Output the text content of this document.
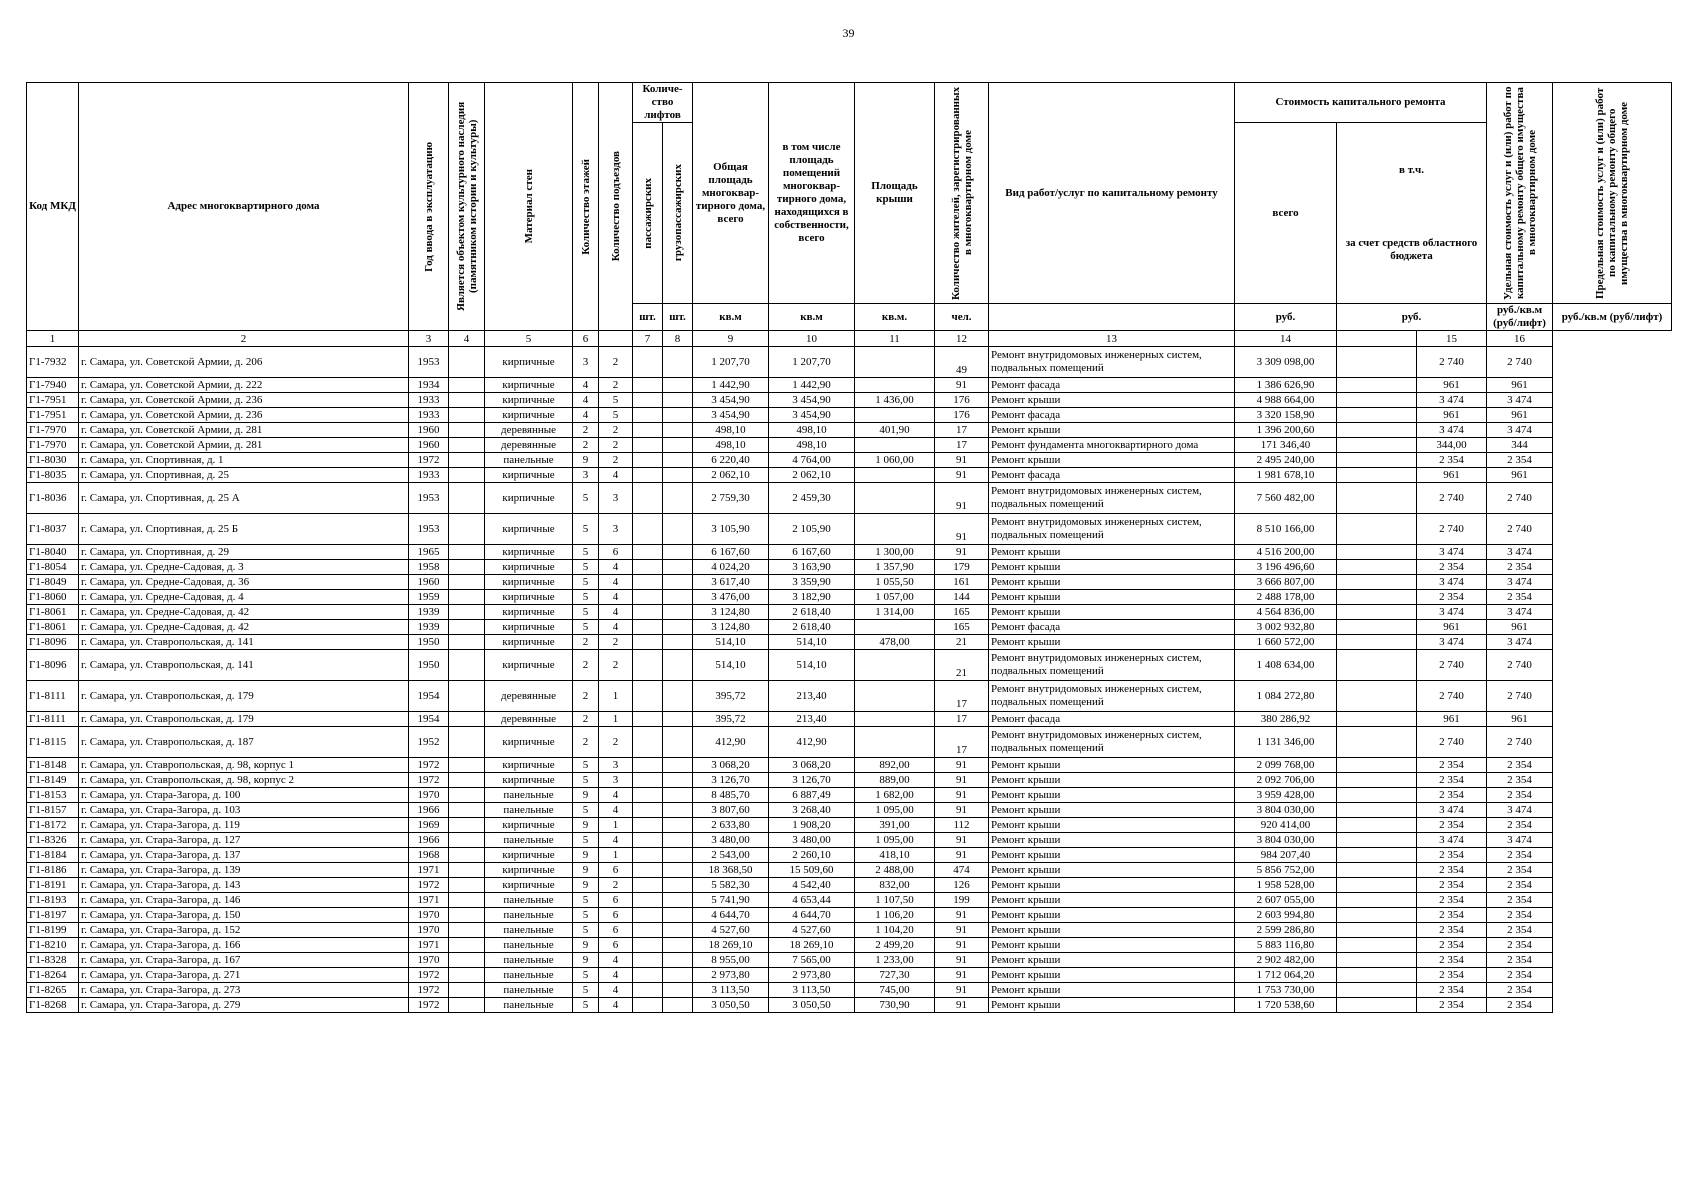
39
Код МКД	Адрес многоквартирного дома	Год ввода в эксплуатацию	Является объектом культурного наследия (памятником истории и культуры)	Материал стен	Количество этажей	Количество подъездов	Количе-ство лифтов		Общая площадь многоквар-тирного дома, всего	в том числе площадь помещений многоквар-тирного дома, находящихся в собственности, всего	Площадь крыши	Количество жителей, зарегистрированных в многоквартирном доме	Вид работ/услуг по капитальному ремонту	Стоимость капитального ремонта			Удельная стоимость услуг и (или) работ по капитальному ремонту общего имущества в многоквартирном доме	Предельная стоимость услуг и (или) работ по капитальному ремонту общего имущества в многоквартирном доме

							пассажирских	грузопассажирских						всего	в т.ч.
за счет средств областного бюджета			

							шт.	шт.	кв.м	кв.м	кв.м.	чел.		руб.	руб.		руб./кв.м (руб/лифт)	руб./кв.м (руб/лифт)
1	2	3	4	5	6		7	8	9	10	11	12	13	14		15	16	
Г1-7932	г. Самара, ул. Советской Армии, д. 206	1953		кирпичные	3	2			1 207,70	1 207,70		49	Ремонт внутридомовых инженерных систем, подвальных помещений	3 309 098,00		2 740	2 740	
Г1-7940	г. Самара, ул. Советской Армии, д. 222	1934		кирпичные	4	2			1 442,90	1 442,90		91	Ремонт фасада	1 386 626,90		961	961	
Г1-7951	г. Самара, ул. Советской Армии, д. 236	1933		кирпичные	4	5			3 454,90	3 454,90	1 436,00	176	Ремонт крыши	4 988 664,00		3 474	3 474	
Г1-7951	г. Самара, ул. Советской Армии, д. 236	1933		кирпичные	4	5			3 454,90	3 454,90		176	Ремонт фасада	3 320 158,90		961	961	
Г1-7970	г. Самара, ул. Советской Армии, д. 281	1960		деревянные	2	2			498,10	498,10	401,90	17	Ремонт крыши	1 396 200,60		3 474	3 474	
Г1-7970	г. Самара, ул. Советской Армии, д. 281	1960		деревянные	2	2			498,10	498,10		17	Ремонт фундамента многоквартирного дома	171 346,40		344,00	344	
Г1-8030	г. Самара, ул. Спортивная, д. 1	1972		панельные	9	2			6 220,40	4 764,00	1 060,00	91	Ремонт крыши	2 495 240,00		2 354	2 354	
Г1-8035	г. Самара, ул. Спортивная, д. 25	1933		кирпичные	3	4			2 062,10	2 062,10		91	Ремонт фасада	1 981 678,10		961	961	
Г1-8036	г. Самара, ул. Спортивная, д. 25 А	1953		кирпичные	5	3			2 759,30	2 459,30		91	Ремонт внутридомовых инженерных систем, подвальных помещений	7 560 482,00		2 740	2 740	
Г1-8037	г. Самара, ул. Спортивная, д. 25 Б	1953		кирпичные	5	3			3 105,90	2 105,90		91	Ремонт внутридомовых инженерных систем, подвальных помещений	8 510 166,00		2 740	2 740	
Г1-8040	г. Самара, ул. Спортивная, д. 29	1965		кирпичные	5	6			6 167,60	6 167,60	1 300,00	91	Ремонт крыши	4 516 200,00		3 474	3 474	
Г1-8054	г. Самара, ул. Средне-Садовая, д. 3	1958		кирпичные	5	4			4 024,20	3 163,90	1 357,90	179	Ремонт крыши	3 196 496,60		2 354	2 354	
Г1-8049	г. Самара, ул. Средне-Садовая, д. 36	1960		кирпичные	5	4			3 617,40	3 359,90	1 055,50	161	Ремонт крыши	3 666 807,00		3 474	3 474	
Г1-8060	г. Самара, ул. Средне-Садовая, д. 4	1959		кирпичные	5	4			3 476,00	3 182,90	1 057,00	144	Ремонт крыши	2 488 178,00		2 354	2 354	
Г1-8061	г. Самара, ул. Средне-Садовая, д. 42	1939		кирпичные	5	4			3 124,80	2 618,40	1 314,00	165	Ремонт крыши	4 564 836,00		3 474	3 474	
Г1-8061	г. Самара, ул. Средне-Садовая, д. 42	1939		кирпичные	5	4			3 124,80	2 618,40		165	Ремонт фасада	3 002 932,80		961	961	
Г1-8096	г. Самара, ул. Ставропольская, д. 141	1950		кирпичные	2	2			514,10	514,10	478,00	21	Ремонт крыши	1 660 572,00		3 474	3 474	
Г1-8096	г. Самара, ул. Ставропольская, д. 141	1950		кирпичные	2	2			514,10	514,10		21	Ремонт внутридомовых инженерных систем, подвальных помещений	1 408 634,00		2 740	2 740	
Г1-8111	г. Самара, ул. Ставропольская, д. 179	1954		деревянные	2	1			395,72	213,40		17	Ремонт внутридомовых инженерных систем, подвальных помещений	1 084 272,80		2 740	2 740	
Г1-8111	г. Самара, ул. Ставропольская, д. 179	1954		деревянные	2	1			395,72	213,40		17	Ремонт фасада	380 286,92		961	961	
Г1-8115	г. Самара, ул. Ставропольская, д. 187	1952		кирпичные	2	2			412,90	412,90		17	Ремонт внутридомовых инженерных систем, подвальных помещений	1 131 346,00		2 740	2 740	
Г1-8148	г. Самара, ул. Ставропольская, д. 98, корпус 1	1972		кирпичные	5	3			3 068,20	3 068,20	892,00	91	Ремонт крыши	2 099 768,00		2 354	2 354	
Г1-8149	г. Самара, ул. Ставропольская, д. 98, корпус 2	1972		кирпичные	5	3			3 126,70	3 126,70	889,00	91	Ремонт крыши	2 092 706,00		2 354	2 354	
Г1-8153	г. Самара, ул. Стара-Загора, д. 100	1970		панельные	9	4			8 485,70	6 887,49	1 682,00	91	Ремонт крыши	3 959 428,00		2 354	2 354	
Г1-8157	г. Самара, ул. Стара-Загора, д. 103	1966		панельные	5	4			3 807,60	3 268,40	1 095,00	91	Ремонт крыши	3 804 030,00		3 474	3 474	
Г1-8172	г. Самара, ул. Стара-Загора, д. 119	1969		кирпичные	9	1			2 633,80	1 908,20	391,00	112	Ремонт крыши	920 414,00		2 354	2 354	
Г1-8326	г. Самара, ул. Стара-Загора, д. 127	1966		панельные	5	4			3 480,00	3 480,00	1 095,00	91	Ремонт крыши	3 804 030,00		3 474	3 474	
Г1-8184	г. Самара, ул. Стара-Загора, д. 137	1968		кирпичные	9	1			2 543,00	2 260,10	418,10	91	Ремонт крыши	984 207,40		2 354	2 354	
Г1-8186	г. Самара, ул. Стара-Загора, д. 139	1971		кирпичные	9	6			18 368,50	15 509,60	2 488,00	474	Ремонт крыши	5 856 752,00		2 354	2 354	
Г1-8191	г. Самара, ул. Стара-Загора, д. 143	1972		кирпичные	9	2			5 582,30	4 542,40	832,00	126	Ремонт крыши	1 958 528,00		2 354	2 354	
Г1-8193	г. Самара, ул. Стара-Загора, д. 146	1971		панельные	5	6			5 741,90	4 653,44	1 107,50	199	Ремонт крыши	2 607 055,00		2 354	2 354	
Г1-8197	г. Самара, ул. Стара-Загора, д. 150	1970		панельные	5	6			4 644,70	4 644,70	1 106,20	91	Ремонт крыши	2 603 994,80		2 354	2 354	
Г1-8199	г. Самара, ул. Стара-Загора, д. 152	1970		панельные	5	6			4 527,60	4 527,60	1 104,20	91	Ремонт крыши	2 599 286,80		2 354	2 354	
Г1-8210	г. Самара, ул. Стара-Загора, д. 166	1971		панельные	9	6			18 269,10	18 269,10	2 499,20	91	Ремонт крыши	5 883 116,80		2 354	2 354	
Г1-8328	г. Самара, ул. Стара-Загора, д. 167	1970		панельные	9	4			8 955,00	7 565,00	1 233,00	91	Ремонт крыши	2 902 482,00		2 354	2 354	
Г1-8264	г. Самара, ул. Стара-Загора, д. 271	1972		панельные	5	4			2 973,80	2 973,80	727,30	91	Ремонт крыши	1 712 064,20		2 354	2 354	
Г1-8265	г. Самара, ул. Стара-Загора, д. 273	1972		панельные	5	4			3 113,50	3 113,50	745,00	91	Ремонт крыши	1 753 730,00		2 354	2 354	
Г1-8268	г. Самара, ул. Стара-Загора, д. 279	1972		панельные	5	4			3 050,50	3 050,50	730,90	91	Ремонт крыши	1 720 538,60		2 354	2 354	
